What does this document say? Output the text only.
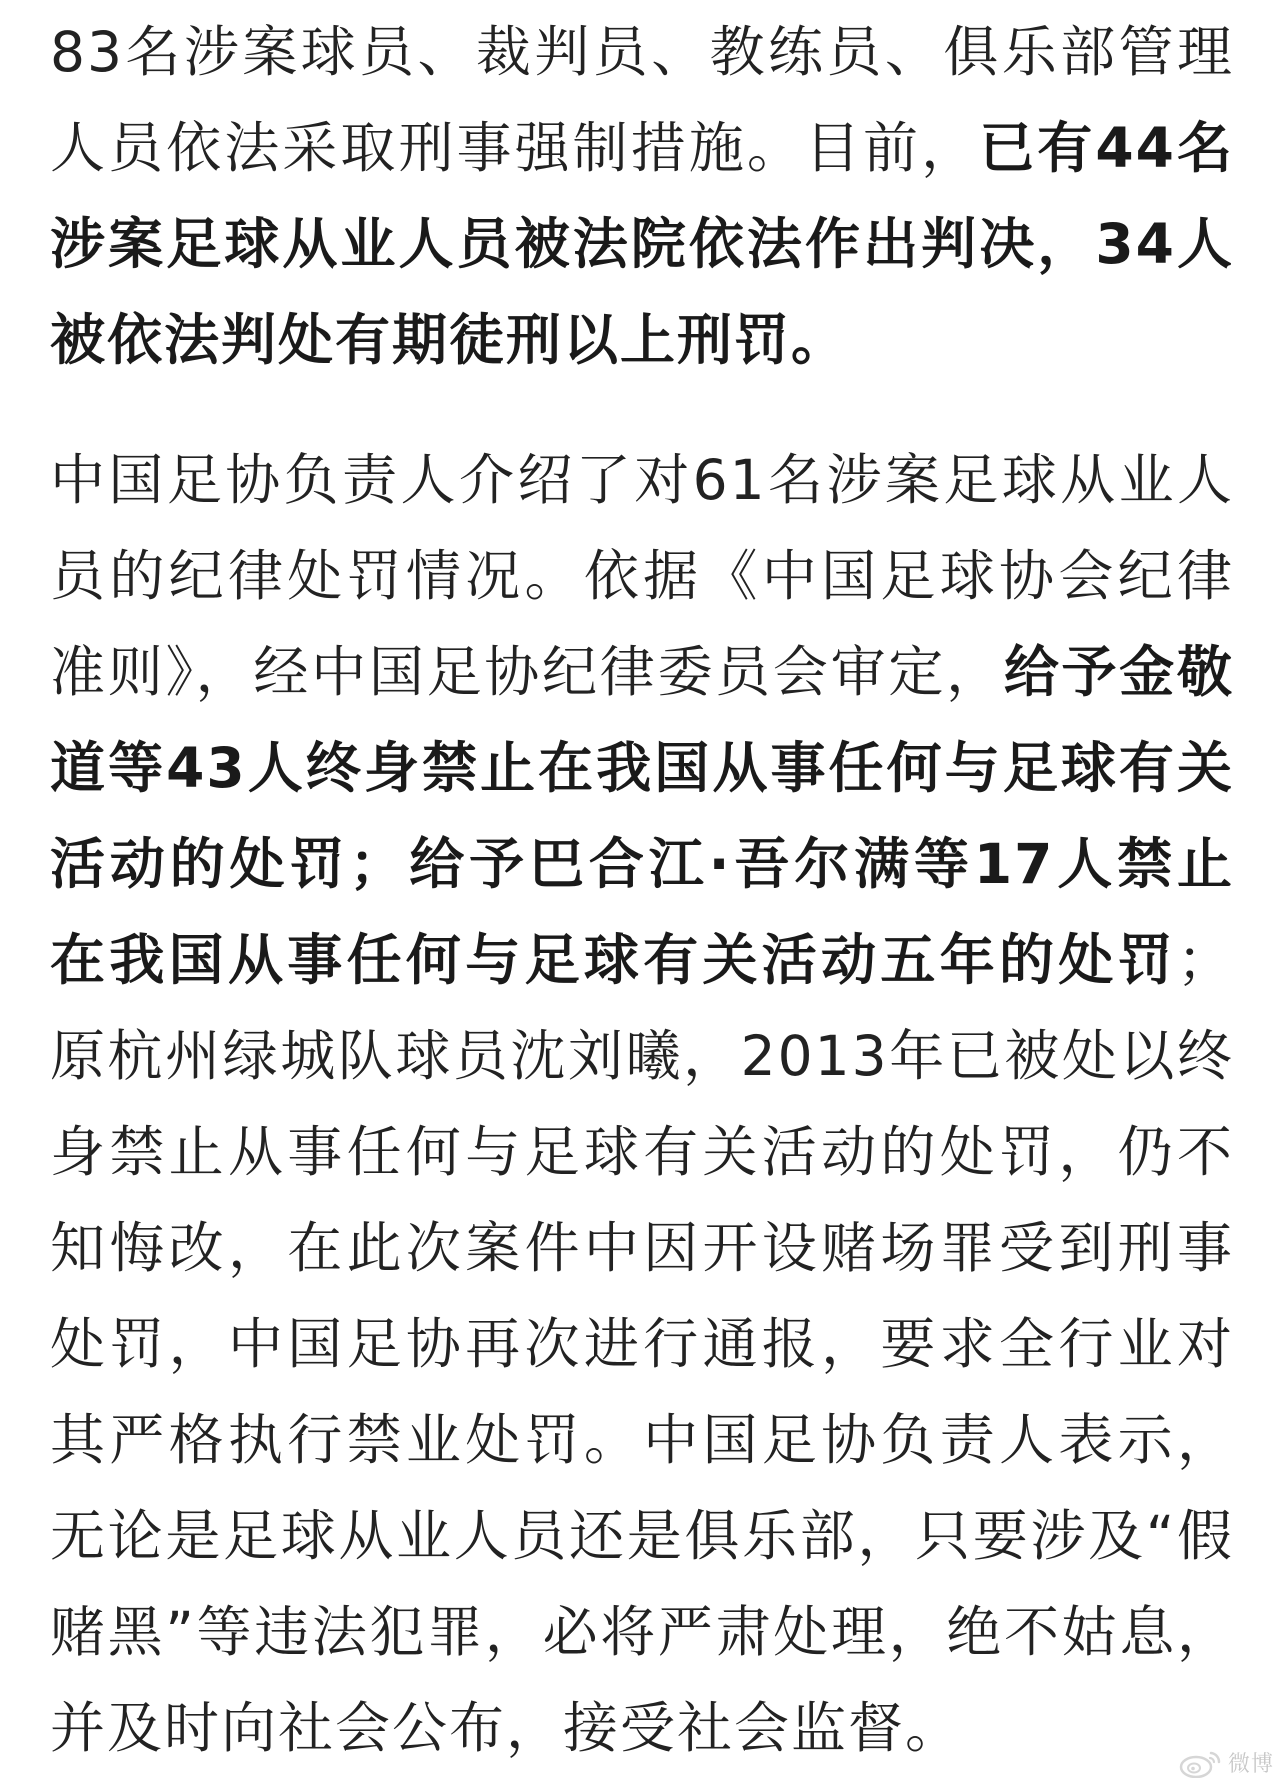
83名涉案球员、裁判员、教练员、俱乐部管理人员依法采取刑事强制措施。目前，已有44名涉案足球从业人员被法院依法作出判决，34人被依法判处有期徒刑以上刑罚。

中国足协负责人介绍了对61名涉案足球从业人员的纪律处罚情况。依据《中国足球协会纪律准则》，经中国足协纪律委员会审定，给予金敬道等43人终身禁止在我国从事任何与足球有关活动的处罚；给予巴合江·吾尔满等17人禁止在我国从事任何与足球有关活动五年的处罚；原杭州绿城队球员沈刘曦，2013年已被处以终身禁止从事任何与足球有关活动的处罚，仍不知悔改，在此次案件中因开设赌场罪受到刑事处罚，中国足协再次进行通报，要求全行业对其严格执行禁业处罚。中国足协负责人表示，无论是足球从业人员还是俱乐部，只要涉及“假赌黑”等违法犯罪，必将严肃处理，绝不姑息，并及时向社会公布，接受社会监督。

微博
